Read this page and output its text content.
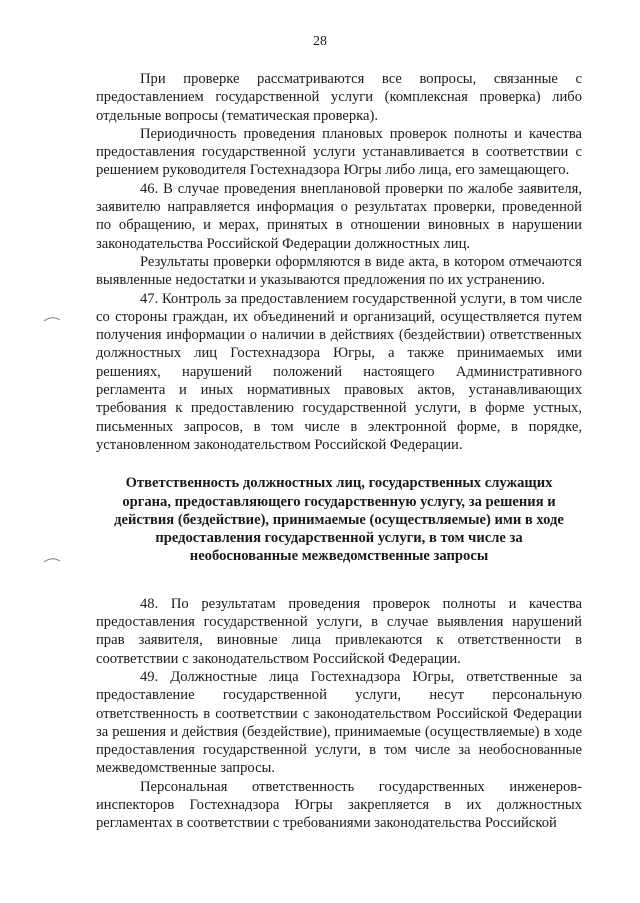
28

При проверке рассматриваются все вопросы, связанные с предоставлением государственной услуги (комплексная проверка) либо отдельные вопросы (тематическая проверка).

Периодичность проведения плановых проверок полноты и качества предоставления государственной услуги устанавливается в соответствии с решением руководителя Гостехнадзора Югры либо лица, его замещающего.

46. В случае проведения внеплановой проверки по жалобе заявителя, заявителю направляется информация о результатах проверки, проведенной по обращению, и мерах, принятых в отношении виновных в нарушении законодательства Российской Федерации должностных лиц.

Результаты проверки оформляются в виде акта, в котором отмечаются выявленные недостатки и указываются предложения по их устранению.

47. Контроль за предоставлением государственной услуги, в том числе со стороны граждан, их объединений и организаций, осуществляется путем получения информации о наличии в действиях (бездействии) ответственных должностных лиц Гостехнадзора Югры, а также принимаемых ими решениях, нарушений положений настоящего Административного регламента и иных нормативных правовых актов, устанавливающих требования к предоставлению государственной услуги, в форме устных, письменных запросов, в том числе в электронной форме, в порядке, установленном законодательством Российской Федерации.

Ответственность должностных лиц, государственных служащих органа, предоставляющего государственную услугу, за решения и действия (бездействие), принимаемые (осуществляемые) ими в ходе предоставления государственной услуги, в том числе за необоснованные межведомственные запросы

48. По результатам проведения проверок полноты и качества предоставления государственной услуги, в случае выявления нарушений прав заявителя, виновные лица привлекаются к ответственности в соответствии с законодательством Российской Федерации.

49. Должностные лица Гостехнадзора Югры, ответственные за предоставление государственной услуги, несут персональную ответственность в соответствии с законодательством Российской Федерации за решения и действия (бездействие), принимаемые (осуществляемые) в ходе предоставления государственной услуги, в том числе за необоснованные межведомственные запросы.

Персональная ответственность государственных инженеров-инспекторов Гостехнадзора Югры закрепляется в их должностных регламентах в соответствии с требованиями законодательства Российской
